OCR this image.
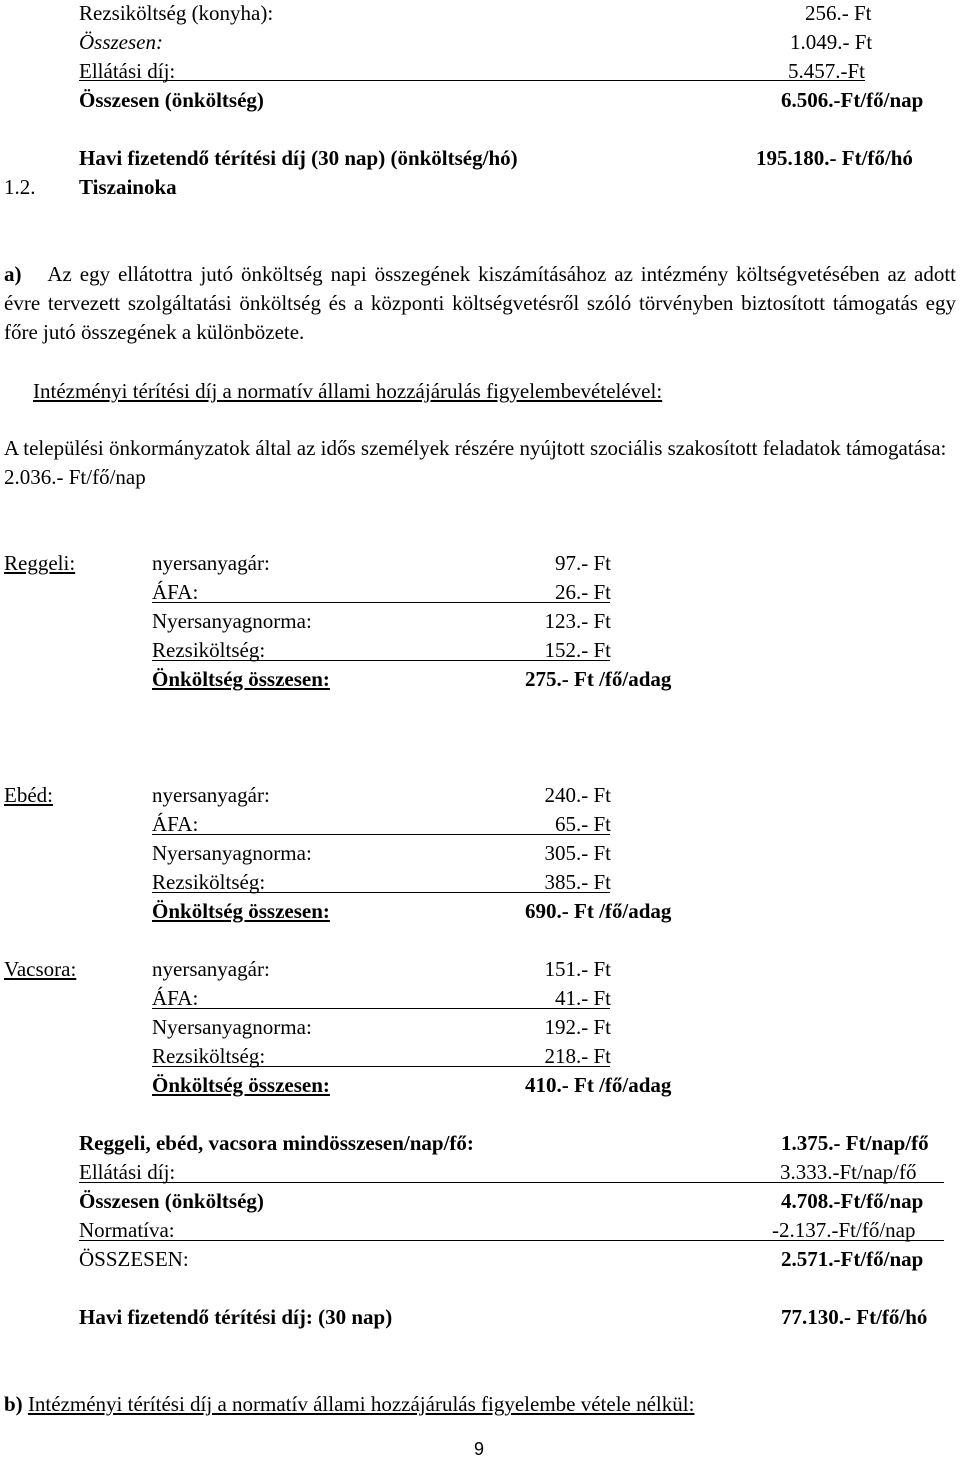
Rezsiköltség (konyha):	256.- Ft
Összesen:	1.049.- Ft
Ellátási díj:	5.457.-Ft
Összesen (önköltség)	6.506.-Ft/fő/nap
Havi fizetendő térítési díj (30 nap) (önköltség/hó)	195.180.- Ft/fő/hó
1.2. Tiszainoka
a) Az egy ellátottra jutó önköltség napi összegének kiszámításához az intézmény költségvetésében az adott évre tervezett szolgáltatási önköltség és a központi költségvetésről szóló törvényben biztosított támogatás egy főre jutó összegének a különbözete.
Intézményi térítési díj a normatív állami hozzájárulás figyelembevételével:
A települési önkormányzatok által az idős személyek részére nyújtott szociális szakosított feladatok támogatása: 2.036.- Ft/fő/nap
Reggeli:	nyersanyagár:	97.- Ft
ÁFA:	26.- Ft
Nyersanyagnorma:	123.- Ft
Rezsiköltség:	152.- Ft
Önköltség összesen:	275.- Ft /fő/adag
Ebéd:	nyersanyagár:	240.- Ft
ÁFA:	65.- Ft
Nyersanyagnorma:	305.- Ft
Rezsiköltség:	385.- Ft
Önköltség összesen:	690.- Ft /fő/adag
Vacsora:	nyersanyagár:	151.- Ft
ÁFA:	41.- Ft
Nyersanyagnorma:	192.- Ft
Rezsiköltség:	218.- Ft
Önköltség összesen:	410.- Ft /fő/adag
Reggeli, ebéd, vacsora mindösszesen/nap/fő:	1.375.- Ft/nap/fő
Ellátási díj:	3.333.-Ft/nap/fő
Összesen (önköltség)	4.708.-Ft/fő/nap
Normatíva:	-2.137.-Ft/fő/nap
ÖSSZESEN:	2.571.-Ft/fő/nap
Havi fizetendő térítési díj: (30 nap)	77.130.- Ft/fő/hó
b) Intézményi térítési díj a normatív állami hozzájárulás figyelembe vétele nélkül:
9
